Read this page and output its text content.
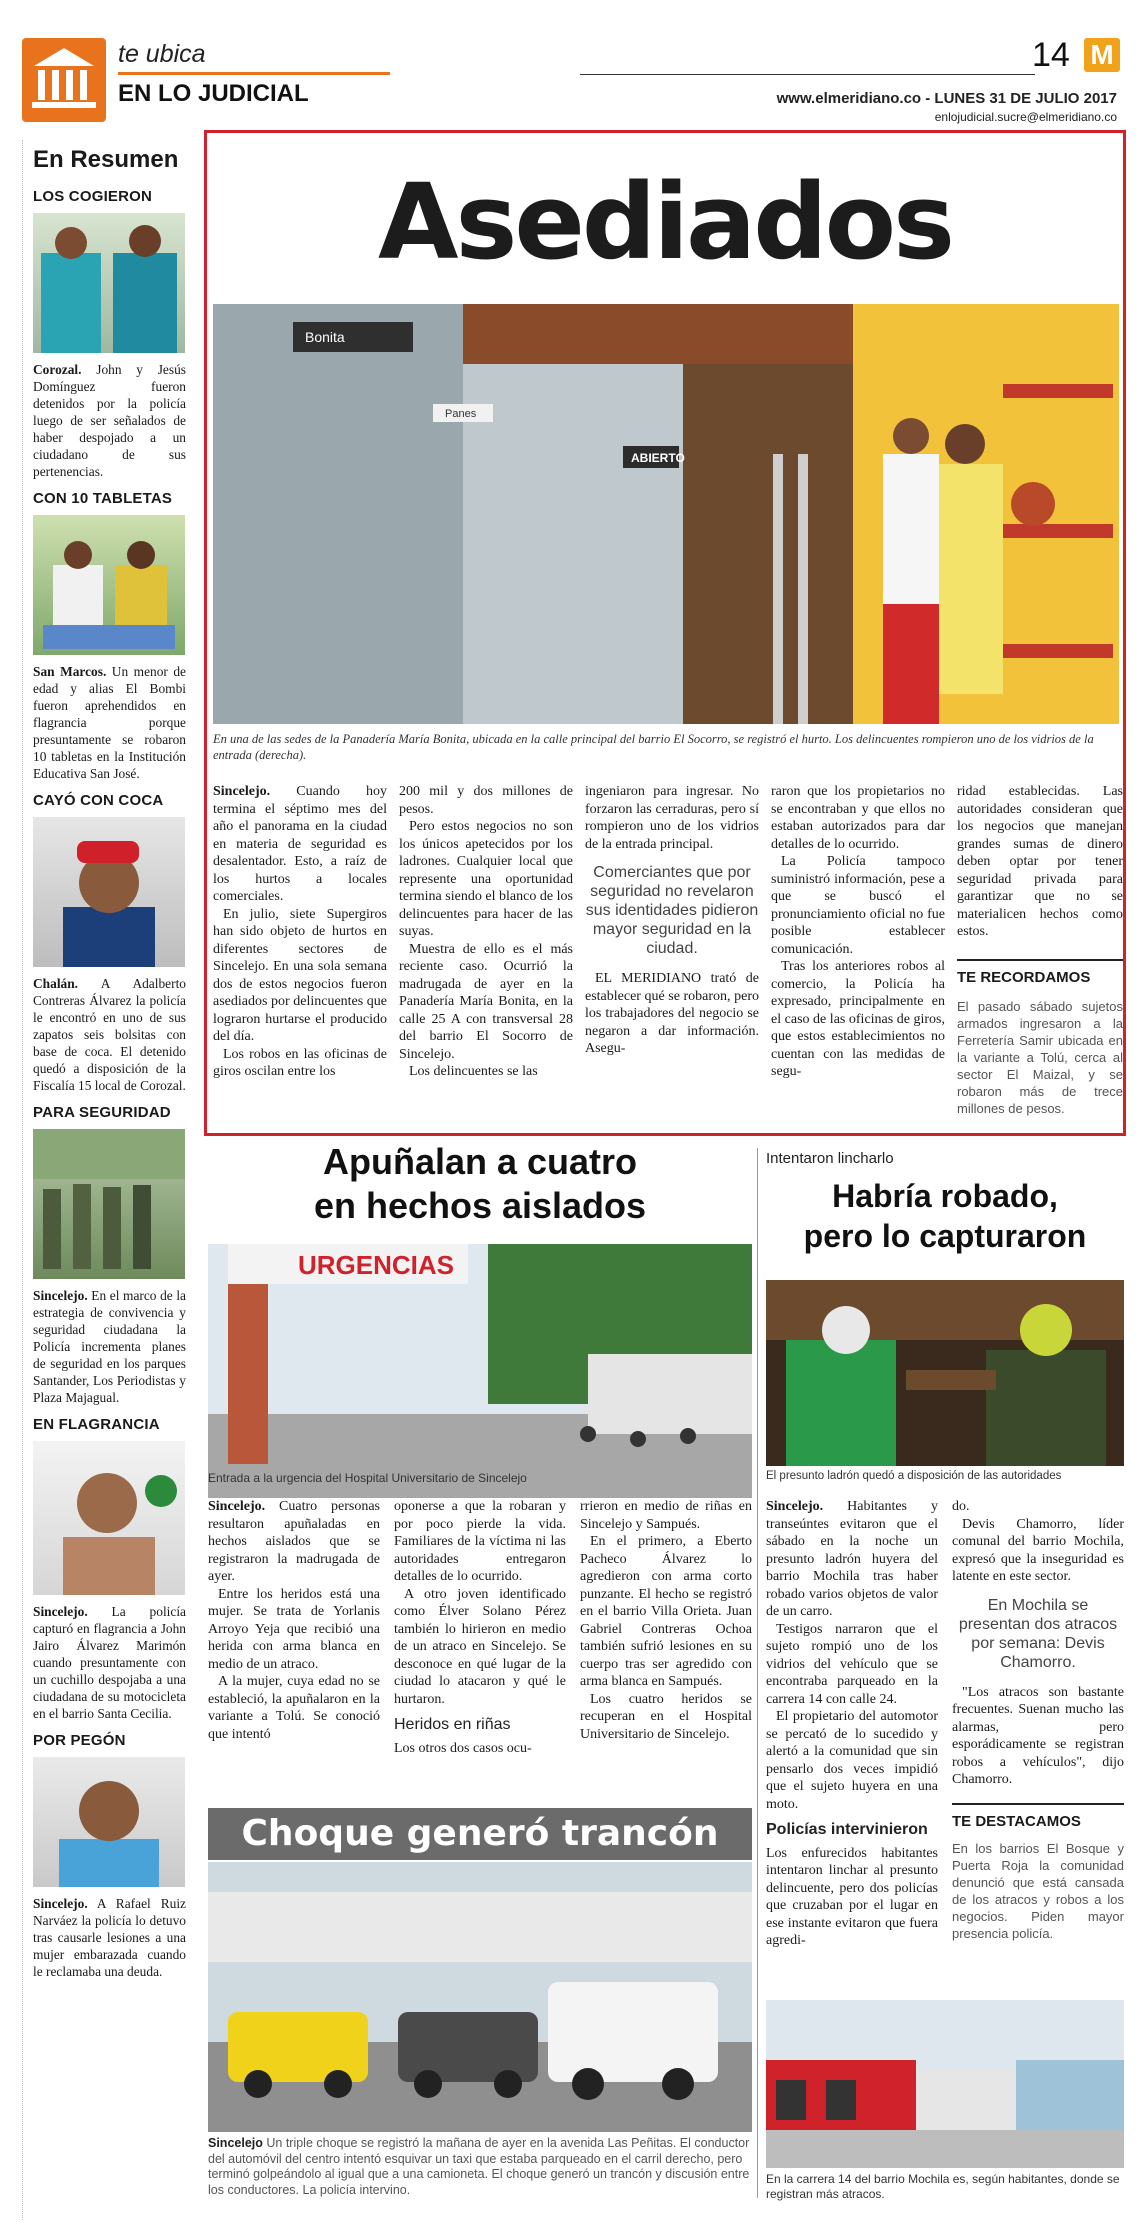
te ubica
EN LO JUDICIAL
14 M
www.elmeridiano.co - LUNES 31 DE JULIO 2017
enlojudicial.sucre@elmeridiano.co
En Resumen
LOS COGIERON
Corozal. John y Jesús Domínguez fueron detenidos por la policía luego de ser señalados de haber despojado a un ciudadano de sus pertenencias.
CON 10 TABLETAS
San Marcos. Un menor de edad y alias El Bombi fueron aprehendidos en flagrancia porque presuntamente se robaron 10 tabletas en la Institución Educativa San José.
CAYÓ CON COCA
Chalán. A Adalberto Contreras Álvarez la policía le encontró en uno de sus zapatos seis bolsitas con base de coca. El detenido quedó a disposición de la Fiscalía 15 local de Corozal.
PARA SEGURIDAD
Sincelejo. En el marco de la estrategia de convivencia y seguridad ciudadana la Policía incrementa planes de seguridad en los parques Santander, Los Periodistas y Plaza Majagual.
EN FLAGRANCIA
Sincelejo. La policía capturó en flagrancia a John Jairo Álvarez Marimón cuando presuntamente con un cuchillo despojaba a una ciudadana de su motocicleta en el barrio Santa Cecilia.
POR PEGÓN
Sincelejo. A Rafael Ruiz Narváez la policía lo detuvo tras causarle lesiones a una mujer embarazada cuando le reclamaba una deuda.
Asediados
ABIERTO
Panes
Bonita
En una de las sedes de la Panadería María Bonita, ubicada en la calle principal del barrio El Socorro, se registró el hurto. Los delincuentes rompieron uno de los vidrios de la entrada (derecha).

Sincelejo. Cuando hoy termina el séptimo mes del año el panorama en la ciudad en materia de seguridad es desalentador. Esto, a raíz de los hurtos a locales comerciales.

En julio, siete Supergiros han sido objeto de hurtos en diferentes sectores de Sincelejo. En una sola semana dos de estos negocios fueron asediados por delincuentes que lograron hurtarse el producido del día.

Los robos en las oficinas de giros oscilan entre los

200 mil y dos millones de pesos.

Pero estos negocios no son los únicos apetecidos por los ladrones. Cualquier local que represente una oportunidad termina siendo el blanco de los delincuentes para hacer de las suyas.

Muestra de ello es el más reciente caso. Ocurrió la madrugada de ayer en la Panadería María Bonita, en la calle 25 A con transversal 28 del barrio El Socorro de Sincelejo.

Los delincuentes se las

ingeniaron para ingresar. No forzaron las cerraduras, pero sí rompieron uno de los vidrios de la entrada principal.

Comerciantes que por seguridad no revelaron sus identidades pidieron mayor seguridad en la ciudad.

EL MERIDIANO trató de establecer qué se robaron, pero los trabajadores del negocio se negaron a dar información. Asegu-

raron que los propietarios no se encontraban y que ellos no estaban autorizados para dar detalles de lo ocurrido.

La Policía tampoco suministró información, pese a que se buscó el pronunciamiento oficial no fue posible establecer comunicación.

Tras los anteriores robos al comercio, la Policía ha expresado, principalmente en el caso de las oficinas de giros, que estos establecimientos no cuentan con las medidas de segu-

ridad establecidas. Las autoridades consideran que los negocios que manejan grandes sumas de dinero deben optar por tener seguridad privada para garantizar que no se materialicen hechos como estos.

TE RECORDAMOS
El pasado sábado sujetos armados ingresaron a la Ferretería Samir ubicada en la variante a Tolú, cerca al sector El Maizal, y se robaron más de trece millones de pesos.
Apuñalan a cuatro
en hechos aislados
URGENCIAS
Entrada a la urgencia del Hospital Universitario de Sincelejo

Sincelejo. Cuatro personas resultaron apuñaladas en hechos aislados que se registraron la madrugada de ayer.

Entre los heridos está una mujer. Se trata de Yorlanis Arroyo Yeja que recibió una herida con arma blanca en medio de un atraco.

A la mujer, cuya edad no se estableció, la apuñalaron en la variante a Tolú. Se conoció que intentó

oponerse a que la robaran y por poco pierde la vida. Familiares de la víctima ni las autoridades entregaron detalles de lo ocurrido.

A otro joven identificado como Élver Solano Pérez también lo hirieron en medio de un atraco en Sincelejo. Se desconoce en qué lugar de la ciudad lo atacaron y qué le hurtaron.

Heridos en riñas

Los otros dos casos ocu-

rrieron en medio de riñas en Sincelejo y Sampués.

En el primero, a Eberto Pacheco Álvarez lo agredieron con arma corto punzante. El hecho se registró en el barrio Villa Orieta. Juan Gabriel Contreras Ochoa también sufrió lesiones en su cuerpo tras ser agredido con arma blanca en Sampués.

Los cuatro heridos se recuperan en el Hospital Universitario de Sincelejo.

Intentaron lincharlo
Habría robado,
pero lo capturaron
El presunto ladrón quedó a disposición de las autoridades

Sincelejo. Habitantes y transeúntes evitaron que el sábado en la noche un presunto ladrón huyera del barrio Mochila tras haber robado varios objetos de valor de un carro.

Testigos narraron que el sujeto rompió uno de los vidrios del vehículo que se encontraba parqueado en la carrera 14 con calle 24.

El propietario del automotor se percató de lo sucedido y alertó a la comunidad que sin pensarlo dos veces impidió que el sujeto huyera en una moto.

Policías intervinieron

Los enfurecidos habitantes intentaron linchar al presunto delincuente, pero dos policías que cruzaban por el lugar en ese instante evitaron que fuera agredi-

do.

Devis Chamorro, líder comunal del barrio Mochila, expresó que la inseguridad es latente en este sector.

En Mochila se presentan dos atracos por semana: Devis Chamorro.

"Los atracos son bastante frecuentes. Suenan mucho las alarmas, pero esporádicamente se registran robos a vehículos", dijo Chamorro.

TE DESTACAMOS
En los barrios El Bosque y Puerta Roja la comunidad denunció que está cansada de los atracos y robos a los negocios. Piden mayor presencia policía.
En la carrera 14 del barrio Mochila es, según habitantes, donde se registran más atracos.
Choque generó trancón
Sincelejo Un triple choque se registró la mañana de ayer en la avenida Las Peñitas. El conductor del automóvil del centro intentó esquivar un taxi que estaba parqueado en el carril derecho, pero terminó golpeándolo al igual que a una camioneta. El choque generó un trancón y discusión entre los conductores. La policía intervino.
